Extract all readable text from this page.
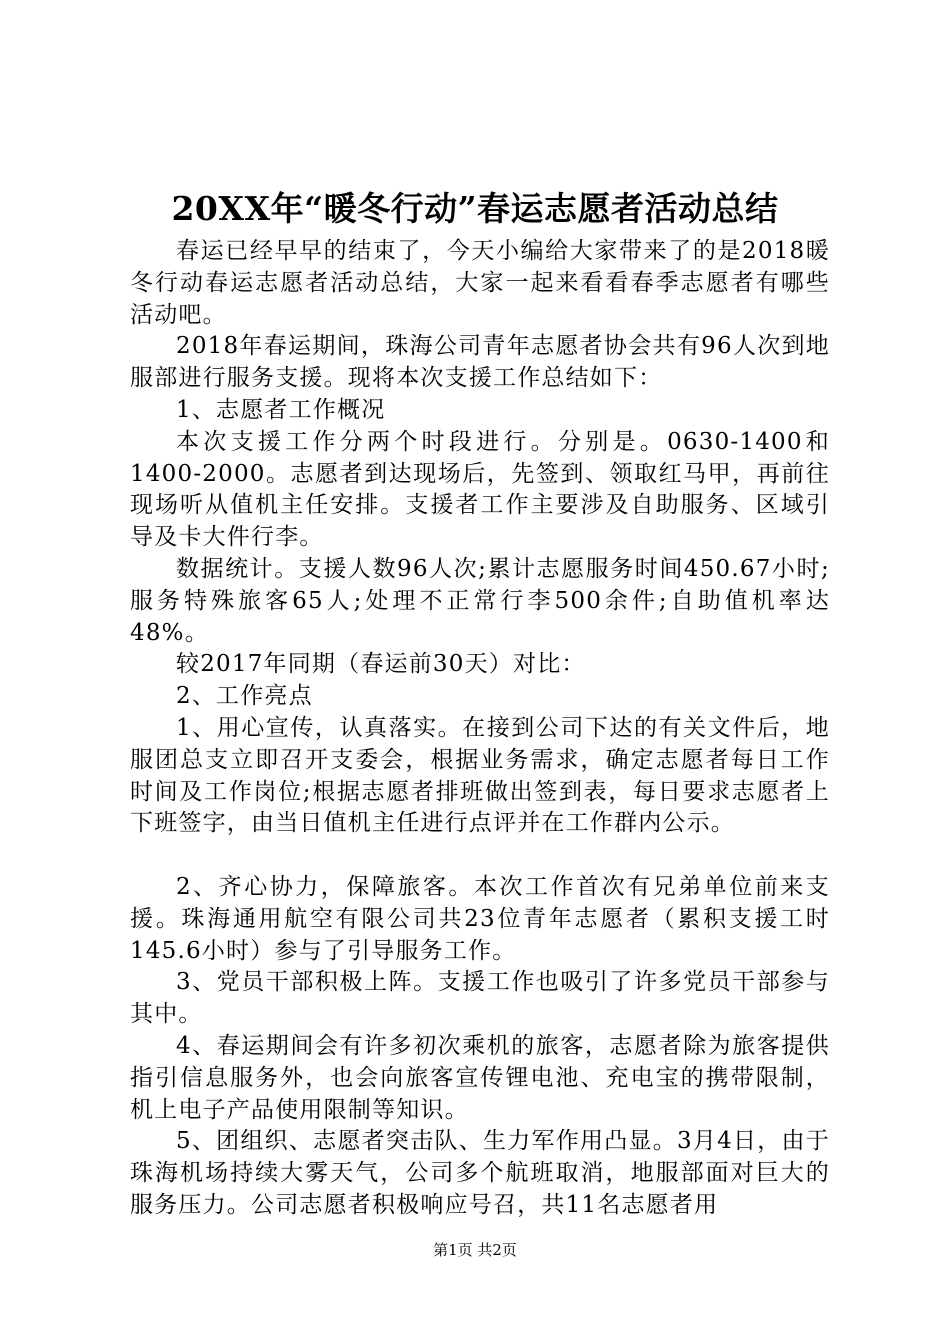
20XX年“暖冬行动”春运志愿者活动总结

春运已经早早的结束了，今天小编给大家带来了的是2018暖冬行动春运志愿者活动总结，大家一起来看看春季志愿者有哪些活动吧。

2018年春运期间，珠海公司青年志愿者协会共有96人次到地服部进行服务支援。现将本次支援工作总结如下：

1、志愿者工作概况

本次支援工作分两个时段进行。分别是。0630-1400和1400-2000。志愿者到达现场后，先签到、领取红马甲，再前往现场听从值机主任安排。支援者工作主要涉及自助服务、区域引导及卡大件行李。

数据统计。支援人数96人次;累计志愿服务时间450.67小时;服务特殊旅客65人;处理不正常行李500余件;自助值机率达48%。

较2017年同期（春运前30天）对比：

2、工作亮点

1、用心宣传，认真落实。在接到公司下达的有关文件后，地服团总支立即召开支委会，根据业务需求，确定志愿者每日工作时间及工作岗位;根据志愿者排班做出签到表，每日要求志愿者上下班签字，由当日值机主任进行点评并在工作群内公示。

2、齐心协力，保障旅客。本次工作首次有兄弟单位前来支援。珠海通用航空有限公司共23位青年志愿者（累积支援工时145.6小时）参与了引导服务工作。

3、党员干部积极上阵。支援工作也吸引了许多党员干部参与其中。

4、春运期间会有许多初次乘机的旅客，志愿者除为旅客提供指引信息服务外，也会向旅客宣传锂电池、充电宝的携带限制，机上电子产品使用限制等知识。

5、团组织、志愿者突击队、生力军作用凸显。3月4日，由于珠海机场持续大雾天气，公司多个航班取消，地服部面对巨大的服务压力。公司志愿者积极响应号召，共11名志愿者用

第1页 共2页
